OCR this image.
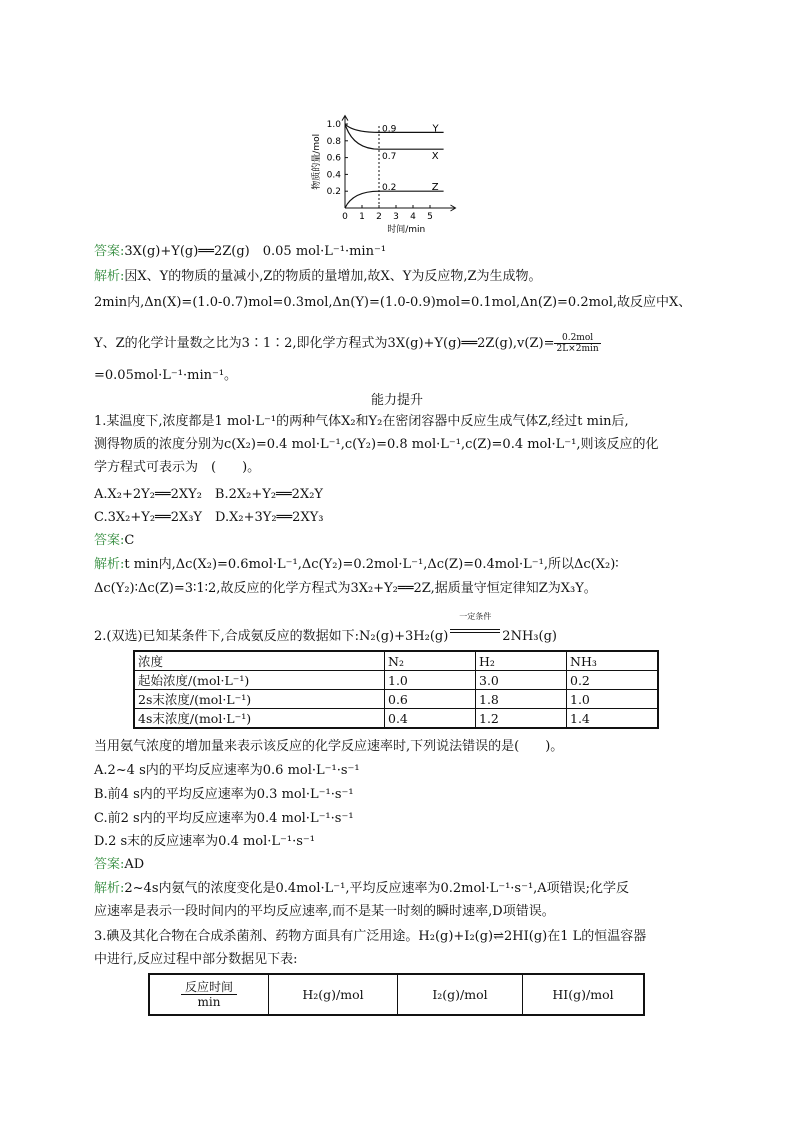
0.2
0.4
0.6
0.8
1.0
0 1 2 3 4 5
时间/min
物质的量/mol
0.9	Y
0.7	X
0.2	Z
答案:3X(g)+Y(g)══2Z(g)　0.05 mol·L⁻¹·min⁻¹
解析:因X、Y的物质的量减小,Z的物质的量增加,故X、Y为反应物,Z为生成物。
2min内,Δn(X)=(1.0-0.7)mol=0.3mol,Δn(Y)=(1.0-0.9)mol=0.1mol,Δn(Z)=0.2mol,故反应中X、
Y、Z的化学计量数之比为3∶1∶2,即化学方程式为3X(g)+Y(g)══2Z(g),v(Z)= $\frac{\text{0.2mol}}{2L\times 2\min}$
=0.05mol·L⁻¹·min⁻¹。
能力提升
1.某温度下,浓度都是1 mol·L⁻¹的两种气体X₂和Y₂在密闭容器中反应生成气体Z,经过t min后,
测得物质的浓度分别为c(X₂)=0.4 mol·L⁻¹,c(Y₂)=0.8 mol·L⁻¹,c(Z)=0.4 mol·L⁻¹,则该反应的化
学方程式可表示为　(　　)。
A.X₂+2Y₂══2XY₂　B.2X₂+Y₂══2X₂Y
C.3X₂+Y₂══2X₃Y　D.X₂+3Y₂══2XY₃
答案:C
解析:t min内,Δc(X₂)=0.6mol·L⁻¹,Δc(Y₂)=0.2mol·L⁻¹,Δc(Z)=0.4mol·L⁻¹,所以Δc(X₂)∶
Δc(Y₂)∶Δc(Z)=3∶1∶2,故反应的化学方程式为3X₂+Y₂══2Z,据质量守恒定律知Z为X₃Y。
2.(双选)已知某条件下,合成氨反应的数据如下:N₂(g)+3H₂(g)
一定条件
2NH₃(g)
浓度	N₂	H₂	NH₃
起始浓度/(mol·L⁻¹)	1.0	3.0	0.2
2s末浓度/(mol·L⁻¹)	0.6	1.8	1.0
4s末浓度/(mol·L⁻¹)	0.4	1.2	1.4
当用氨气浓度的增加量来表示该反应的化学反应速率时,下列说法错误的是(　　)。
A.2~4 s内的平均反应速率为0.6 mol·L⁻¹·s⁻¹
B.前4 s内的平均反应速率为0.3 mol·L⁻¹·s⁻¹
C.前2 s内的平均反应速率为0.4 mol·L⁻¹·s⁻¹
D.2 s末的反应速率为0.4 mol·L⁻¹·s⁻¹
答案:AD
解析:2~4s内氨气的浓度变化是0.4mol·L⁻¹,平均反应速率为0.2mol·L⁻¹·s⁻¹,A项错误;化学反
应速率是表示一段时间内的平均反应速率,而不是某一时刻的瞬时速率,D项错误。
3.碘及其化合物在合成杀菌剂、药物方面具有广泛用途。H₂(g)+I₂(g)⇌2HI(g)在1 L的恒温容器
中进行,反应过程中部分数据见下表:
反应时间
min	H₂(g)/mol	I₂(g)/mol	HI(g)/mol
